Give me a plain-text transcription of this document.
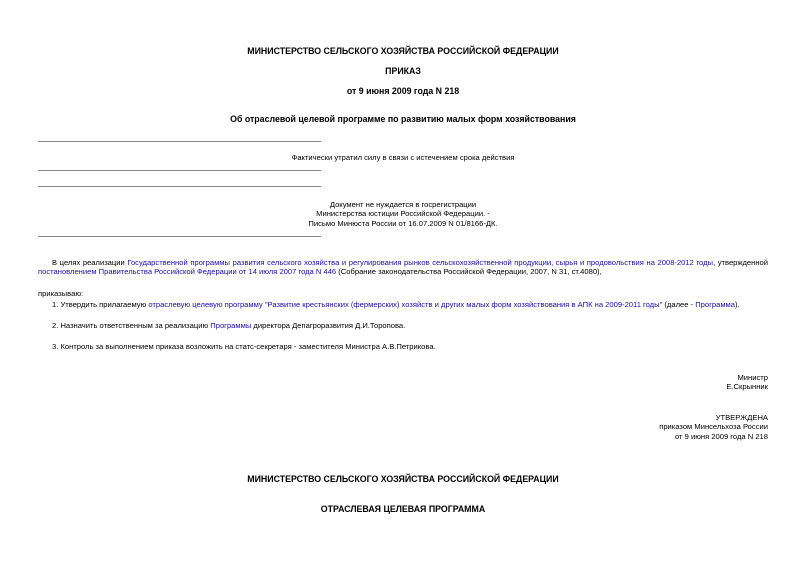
МИНИСТЕРСТВО СЕЛЬСКОГО ХОЗЯЙСТВА РОССИЙСКОЙ ФЕДЕРАЦИИ
ПРИКАЗ
от 9 июня 2009 года N 218
Об отраслевой целевой программе по развитию малых форм хозяйствования
Фактически утратил силу в связи с истечением срока действия
Документ не нуждается в госрегистрации
Министерства юстиции Российской Федерации. -
Письмо Минюста России от 16.07.2009 N 01/8166-ДК.
В целях реализации Государственной программы развития сельского хозяйства и регулирования рынков сельскохозяйственной продукции, сырья и продовольствия на 2008-2012 годы, утвержденной постановлением Правительства Российской Федерации от 14 июля 2007 года N 446 (Собрание законодательства Российской Федерации, 2007, N 31, ст.4080),
приказываю:
1. Утвердить прилагаемую отраслевую целевую программу "Развитие крестьянских (фермерских) хозяйств и других малых форм хозяйствования в АПК на 2009-2011 годы" (далее - Программа).
2. Назначить ответственным за реализацию Программы директора Депагроразвития Д.И.Торопова.
3. Контроль за выполнением приказа возложить на статс-секретаря - заместителя Министра А.В.Петрикова.
Министр
Е.Скрынник
УТВЕРЖДЕНА
приказом Минсельхоза России
от 9 июня 2009 года N 218
МИНИСТЕРСТВО СЕЛЬСКОГО ХОЗЯЙСТВА РОССИЙСКОЙ ФЕДЕРАЦИИ
ОТРАСЛЕВАЯ ЦЕЛЕВАЯ ПРОГРАММА
